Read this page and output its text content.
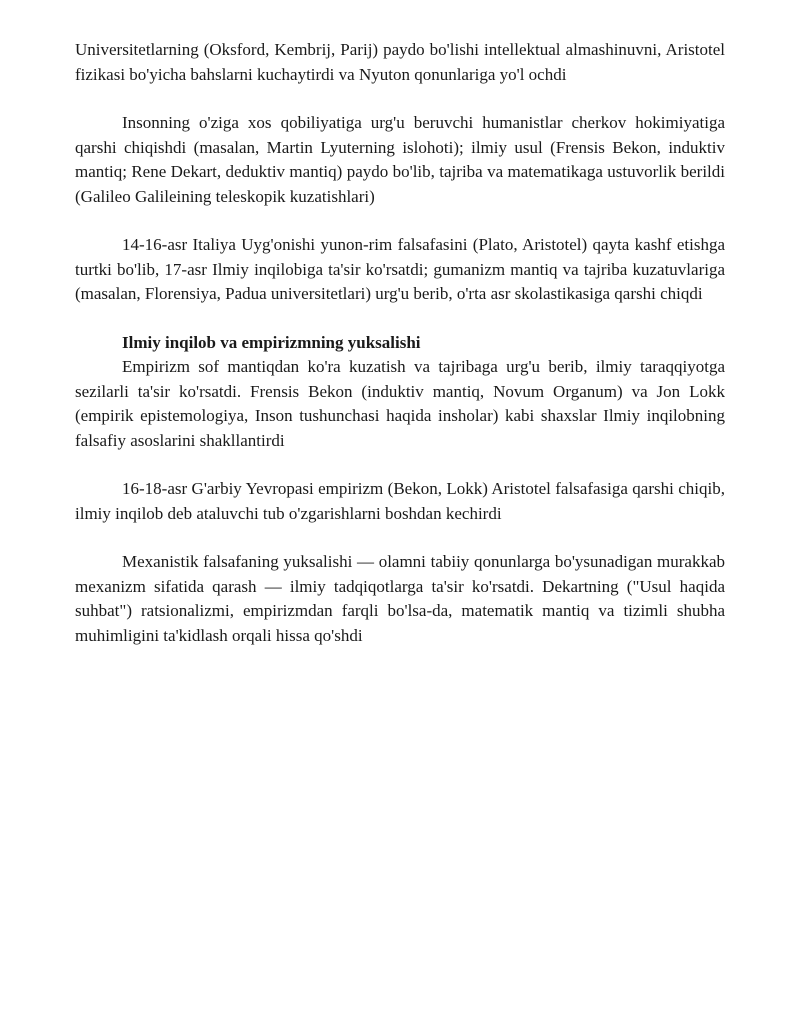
Universitetlarning (Oksford, Kembrij, Parij) paydo bo'lishi intellektual almashinuvni, Aristotel fizikasi bo'yicha bahslarni kuchaytirdi va Nyuton qonunlariga yo'l ochdi

Insonning o'ziga xos qobiliyatiga urg'u beruvchi humanistlar cherkov hokimiyatiga qarshi chiqishdi (masalan, Martin Lyuterning islohoti); ilmiy usul (Frensis Bekon, induktiv mantiq; Rene Dekart, deduktiv mantiq) paydo bo'lib, tajriba va matematikaga ustuvorlik berildi (Galileo Galileining teleskopik kuzatishlari)

14-16-asr Italiya Uyg'onishi yunon-rim falsafasini (Plato, Aristotel) qayta kashf etishga turtki bo'lib, 17-asr Ilmiy inqilobiga ta'sir ko'rsatdi; gumanizm mantiq va tajriba kuzatuvlariga (masalan, Florensiya, Padua universitetlari) urg'u berib, o'rta asr skolastikasiga qarshi chiqdi

Ilmiy inqilob va empirizmning yuksalishi

Empirizm sof mantiqdan ko'ra kuzatish va tajribaga urg'u berib, ilmiy taraqqiyotga sezilarli ta'sir ko'rsatdi. Frensis Bekon (induktiv mantiq, Novum Organum) va Jon Lokk (empirik epistemologiya, Inson tushunchasi haqida insholar) kabi shaxslar Ilmiy inqilobning falsafiy asoslarini shakllantirdi

16-18-asr G'arbiy Yevropasi empirizm (Bekon, Lokk) Aristotel falsafasiga qarshi chiqib, ilmiy inqilob deb ataluvchi tub o'zgarishlarni boshdan kechirdi

Mexanistik falsafaning yuksalishi — olamni tabiiy qonunlarga bo'ysunadigan murakkab mexanizm sifatida qarash — ilmiy tadqiqotlarga ta'sir ko'rsatdi. Dekartning ("Usul haqida suhbat") ratsionalizmi, empirizmdan farqli bo'lsa-da, matematik mantiq va tizimli shubha muhimligini ta'kidlash orqali hissa qo'shdi
